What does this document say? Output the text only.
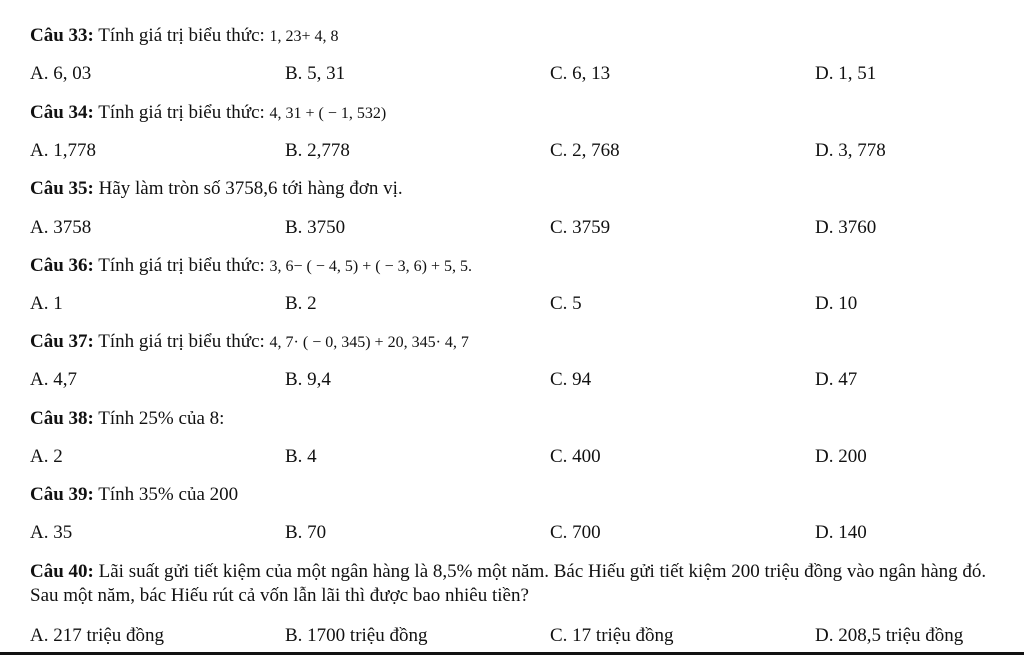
Câu 33: Tính giá trị biểu thức: 1, 23+ 4, 8
A. 6, 03	B. 5, 31	C. 6, 13	D. 1, 51
Câu 34: Tính giá trị biểu thức: 4, 31 + ( − 1, 532)
A. 1,778	B. 2,778	C. 2, 768	D. 3, 778
Câu 35: Hãy làm tròn số 3758,6 tới hàng đơn vị.
A. 3758	B. 3750	C. 3759	D. 3760
Câu 36: Tính giá trị biểu thức: 3, 6− ( − 4, 5) + ( − 3, 6) + 5, 5.
A. 1	B. 2	C. 5	D. 10
Câu 37: Tính giá trị biểu thức: 4, 7· ( − 0, 345) + 20, 345· 4, 7
A. 4,7	B. 9,4	C. 94	D. 47
Câu 38: Tính 25% của 8:
A. 2	B. 4	C. 400	D. 200
Câu 39: Tính 35% của 200
A. 35	B. 70	C. 700	D. 140
Câu 40: Lãi suất gửi tiết kiệm của một ngân hàng là 8,5% một năm. Bác Hiếu gửi tiết kiệm 200 triệu đồng vào ngân hàng đó. Sau một năm, bác Hiếu rút cả vốn lẫn lãi thì được bao nhiêu tiền?
A. 217 triệu đồng	B. 1700 triệu đồng	C. 17 triệu đồng	D. 208,5 triệu đồng
